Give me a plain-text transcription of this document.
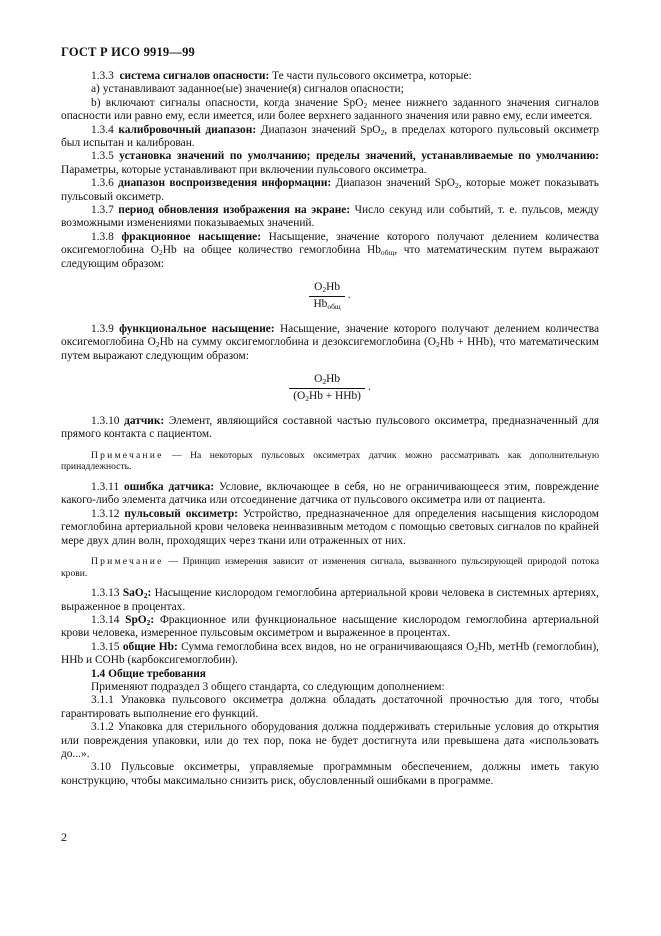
ГОСТ Р ИСО 9919—99

1.3.3 система сигналов опасности: Те части пульсового оксиметра, которые:

а) устанавливают заданное(ые) значение(я) сигналов опасности;

b) включают сигналы опасности, когда значение SpO$_2$ менее нижнего заданного значения сигналов опасности или равно ему, если имеется, или более верхнего заданного значения или равно ему, если имеется.

1.3.4 калибровочный диапазон: Диапазон значений SpO$_2$, в пределах которого пульсовый оксиметр был испытан и калиброван.

1.3.5 установка значений по умолчанию; пределы значений, устанавливаемые по умолчанию: Параметры, которые устанавливают при включении пульсового оксиметра.

1.3.6 диапазон воспроизведения информации: Диапазон значений SpO$_2$, которые может показывать пульсовый оксиметр.

1.3.7 период обновления изображения на экране: Число секунд или событий, т. е. пульсов, между возможными изменениями показываемых значений.

1.3.8 фракционное насыщение: Насыщение, значение которого получают делением количества оксигемоглобина $O_2Hb$ на общее количество гемоглобина $Hb_{общ}$, что математическим путем выражают следующим образом:

$\frac{O_2Hb}{Hb_{общ}}$ .

1.3.9 функциональное насыщение: Насыщение, значение которого получают делением количества оксигемоглобина $O_2Hb$ на сумму оксигемоглобина и дезоксигемоглобина $(O_2Hb + HHb)$, что математическим путем выражают следующим образом:

$\frac{O_2Hb}{(O_2Hb + HHb)}$ .

1.3.10 датчик: Элемент, являющийся составной частью пульсового оксиметра, предназначенный для прямого контакта с пациентом.

Примечание — На некоторых пульсовых оксиметрах датчик можно рассматривать как дополнительную принадлежность.

1.3.11 ошибка датчика: Условие, включающее в себя, но не ограничивающееся этим, повреждение какого-либо элемента датчика или отсоединение датчика от пульсового оксиметра или от пациента.

1.3.12 пульсовый оксиметр: Устройство, предназначенное для определения насыщения кислородом гемоглобина артериальной крови человека неинвазивным методом с помощью световых сигналов по крайней мере двух длин волн, проходящих через ткани или отраженных от них.

Примечание — Принцип измерения зависит от изменения сигнала, вызванного пульсирующей природой потока крови.

1.3.13 SaO$_2$: Насыщение кислородом гемоглобина артериальной крови человека в системных артериях, выраженное в процентах.

1.3.14 SpO$_2$: Фракционное или функциональное насыщение кислородом гемоглобина артериальной крови человека, измеренное пульсовым оксиметром и выраженное в процентах.

1.3.15 общие Hb: Сумма гемоглобина всех видов, но не ограничивающаяся $O_2Hb$, метHb (гемоглобин), HHb и COHb (карбоксигемоглобин).

1.4 Общие требования

Применяют подраздел 3 общего стандарта, со следующим дополнением:

3.1.1 Упаковка пульсового оксиметра должна обладать достаточной прочностью для того, чтобы гарантировать выполнение его функций.

3.1.2 Упаковка для стерильного оборудования должна поддерживать стерильные условия до открытия или повреждения упаковки, или до тех пор, пока не будет достигнута или превышена дата «использовать до...».

3.10 Пульсовые оксиметры, управляемые программным обеспечением, должны иметь такую конструкцию, чтобы максимально снизить риск, обусловленный ошибками в программе.

2
